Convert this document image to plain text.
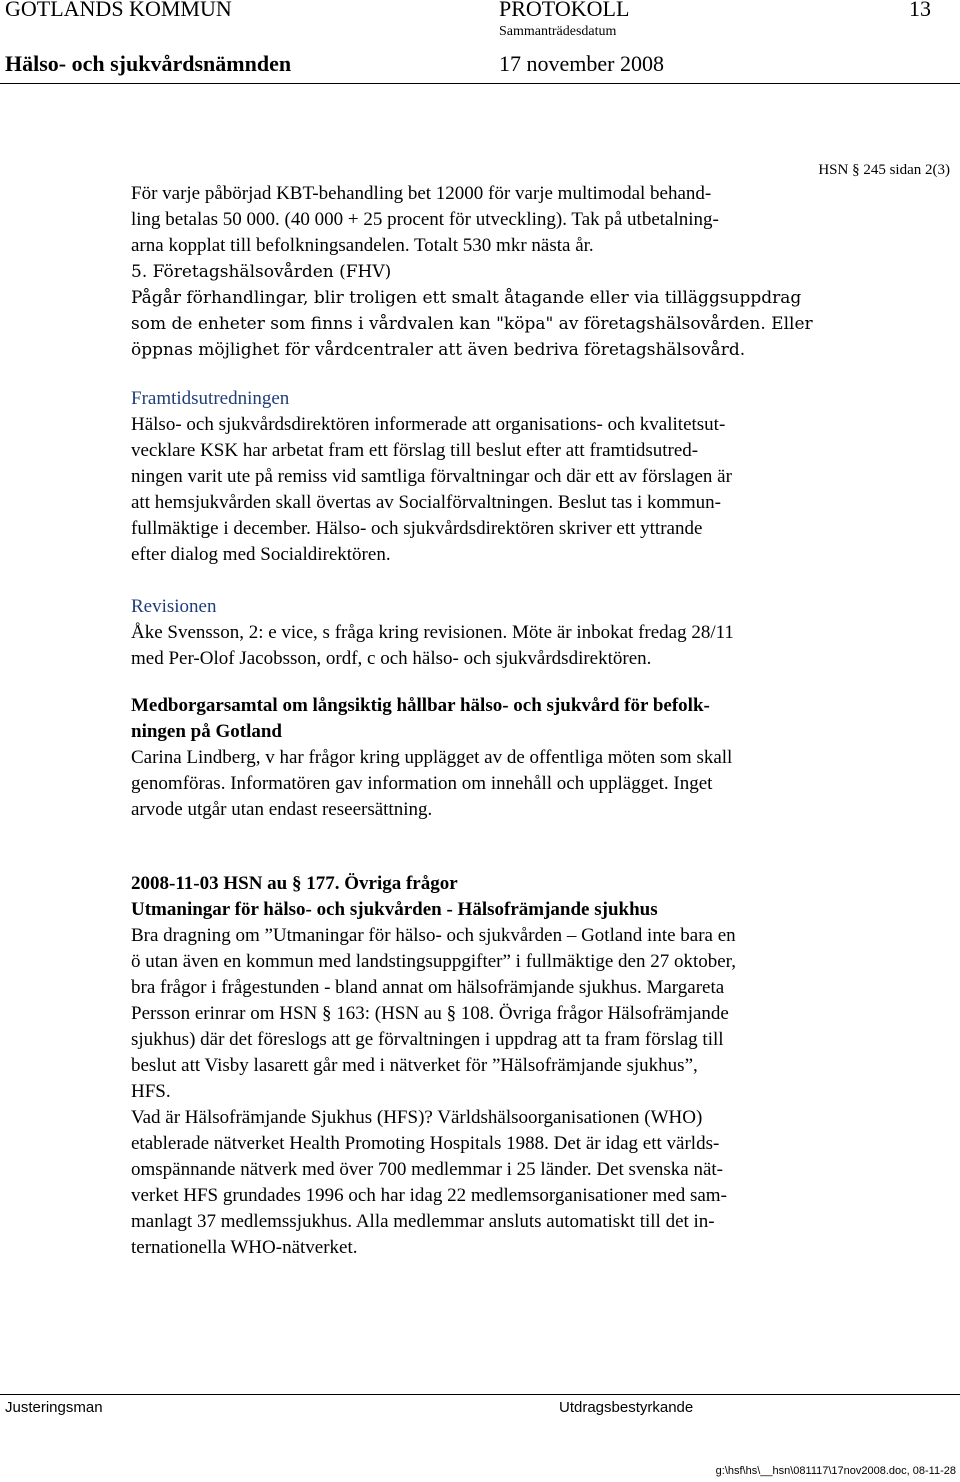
GOTLANDS KOMMUN	PROTOKOLL	13
Sammanträdesdatum
Hälso- och sjukvårdsnämnden	17 november 2008
HSN § 245 sidan 2(3)
För varje påbörjad KBT-behandling bet 12000 för varje multimodal behand-
ling betalas 50 000. (40 000 + 25 procent för utveckling). Tak på utbetalning-
arna kopplat till befolkningsandelen. Totalt 530 mkr nästa år.
5. Företagshälsovården (FHV)
Pågår förhandlingar, blir troligen ett smalt åtagande eller via tilläggsuppdrag
som de enheter som finns i vårdvalen kan "köpa" av företagshälsovården. Eller
öppnas möjlighet för vårdcentraler att även bedriva företagshälsovård.
Framtidsutredningen
Hälso- och sjukvårdsdirektören informerade att organisations- och kvalitetsut-
vecklare KSK har arbetat fram ett förslag till beslut efter att framtidsutred-
ningen varit ute på remiss vid samtliga förvaltningar och där ett av förslagen är
att hemsjukvården skall övertas av Socialförvaltningen. Beslut tas i kommun-
fullmäktige i december. Hälso- och sjukvårdsdirektören skriver ett yttrande
efter dialog med Socialdirektören.
Revisionen
Åke Svensson, 2: e vice, s fråga kring revisionen. Möte är inbokat fredag 28/11
med Per-Olof Jacobsson, ordf, c och hälso- och sjukvårdsdirektören.
Medborgarsamtal om långsiktig hållbar hälso- och sjukvård för befolk-
ningen på Gotland
Carina Lindberg, v har frågor kring upplägget av de offentliga möten som skall
genomföras. Informatören gav information om innehåll och upplägget. Inget
arvode utgår utan endast reseersättning.
2008-11-03 HSN au § 177. Övriga frågor
Utmaningar för hälso- och sjukvården - Hälsofrämjande sjukhus
Bra dragning om ”Utmaningar för hälso- och sjukvården – Gotland inte bara en
ö utan även en kommun med landstingsuppgifter” i fullmäktige den 27 oktober,
bra frågor i frågestunden - bland annat om hälsofrämjande sjukhus. Margareta
Persson erinrar om HSN § 163: (HSN au § 108. Övriga frågor Hälsofrämjande
sjukhus) där det föreslogs att ge förvaltningen i uppdrag att ta fram förslag till
beslut att Visby lasarett går med i nätverket för ”Hälsofrämjande sjukhus”,
HFS.
Vad är Hälsofrämjande Sjukhus (HFS)? Världshälsoorganisationen (WHO)
etablerade nätverket Health Promoting Hospitals 1988. Det är idag ett världs-
omspännande nätverk med över 700 medlemmar i 25 länder. Det svenska nät-
verket HFS grundades 1996 och har idag 22 medlemsorganisationer med sam-
manlagt 37 medlemssjukhus. Alla medlemmar ansluts automatiskt till det in-
ternationella WHO-nätverket.
Justeringsman	Utdragsbestyrkande
g:\hsf\hs\__hsn\081117\17nov2008.doc, 08-11-28
